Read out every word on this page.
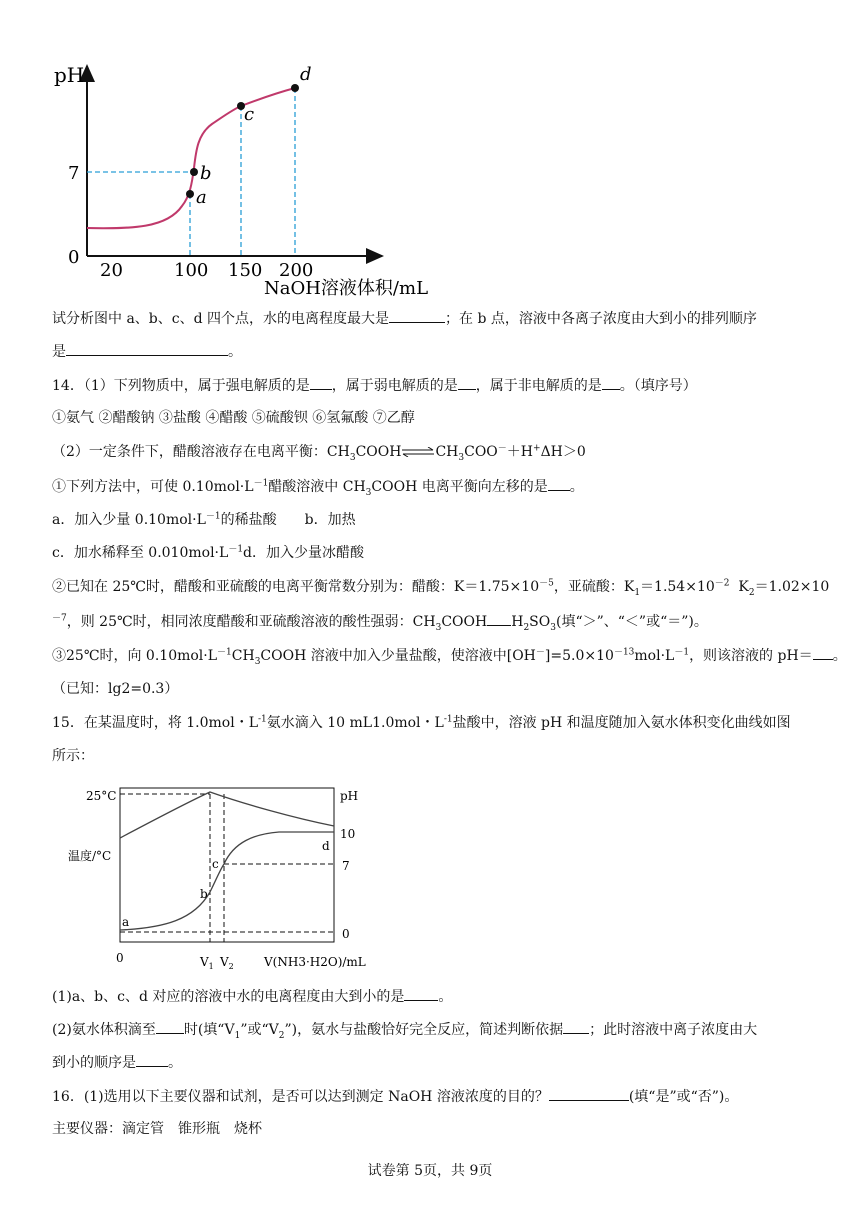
pH
7
0
20	100 150 200
NaOH溶液体积/mL
a
b
c
d
试分析图中 a、b、c、d 四个点，水的电离程度最大是	；在 b 点，溶液中各离子浓度由大到小的排列顺序
是	。
14．（1）下列物质中，属于强电解质的是 ，属于弱电解质的是 ，属于非电解质的是 。（填序号）
①氨气 ②醋酸钠 ③盐酸 ④醋酸 ⑤硫酸钡 ⑥氢氟酸 ⑦乙醇
（2）一定条件下，醋酸溶液存在电离平衡：$CH_3COOH\rightleftharpoons CH_3COO^-+H^+\Delta H>0$
①下列方法中，可使 $0.10mol\cdot L^{-1}$醋酸溶液中 $CH_3COOH$ 电离平衡向左移的是 。
a．加入少量 $0.10mol\cdot L^{-1}$的稀盐酸　　 b．加热
c．加水稀释至 $0.010mol\cdot L^{-1}d$．加入少量冰醋酸
②已知在 25℃时，醋酸和亚硫酸的电离平衡常数分别为：醋酸：$K=1.75\times 10^{-5}$，亚硫酸：$K_1=1.54\times 10^{-2}$ $K_2=1.02\times 10$
$^{-7}$，则 25℃时，相同浓度醋酸和亚硫酸溶液的酸性强弱：$CH_3COOH$ $H_2SO_3$(填“＞”、“＜”或“＝”)。
③25℃时，向 $0.10mol\cdot L^{-1}CH_3COOH$ 溶液中加入少量盐酸，使溶液中$[OH^-]=5.0\times 10^{-13}mol\cdot L^{-1}$，则该溶液的 pH＝ 。
（已知：lg2=0.3）
15．在某温度时，将 1.0mol・$L^{-1}$氨水滴入 10 mL1.0mol・$L^{-1}$盐酸中，溶液 pH 和温度随加入氨水体积变化曲线如图
所示：
25°C
温度/°C
pH
10
7
0
0	$V_1$ $V_2$	V(NH3·H2O)/mL
a
b
c
d
(1)a、b、c、d 对应的溶液中水的电离程度由大到小的是 。
(2)氨水体积滴至 时(填“$V_1$”或“$V_2$”)，氨水与盐酸恰好完全反应，简述判断依据 ；此时溶液中离子浓度由大
到小的顺序是 。
16．(1)选用以下主要仪器和试剂，是否可以达到测定 NaOH 溶液浓度的目的？	(填“是”或“否”)。
主要仪器：滴定管　锥形瓶　烧杯
试卷第 5页，共 9页
